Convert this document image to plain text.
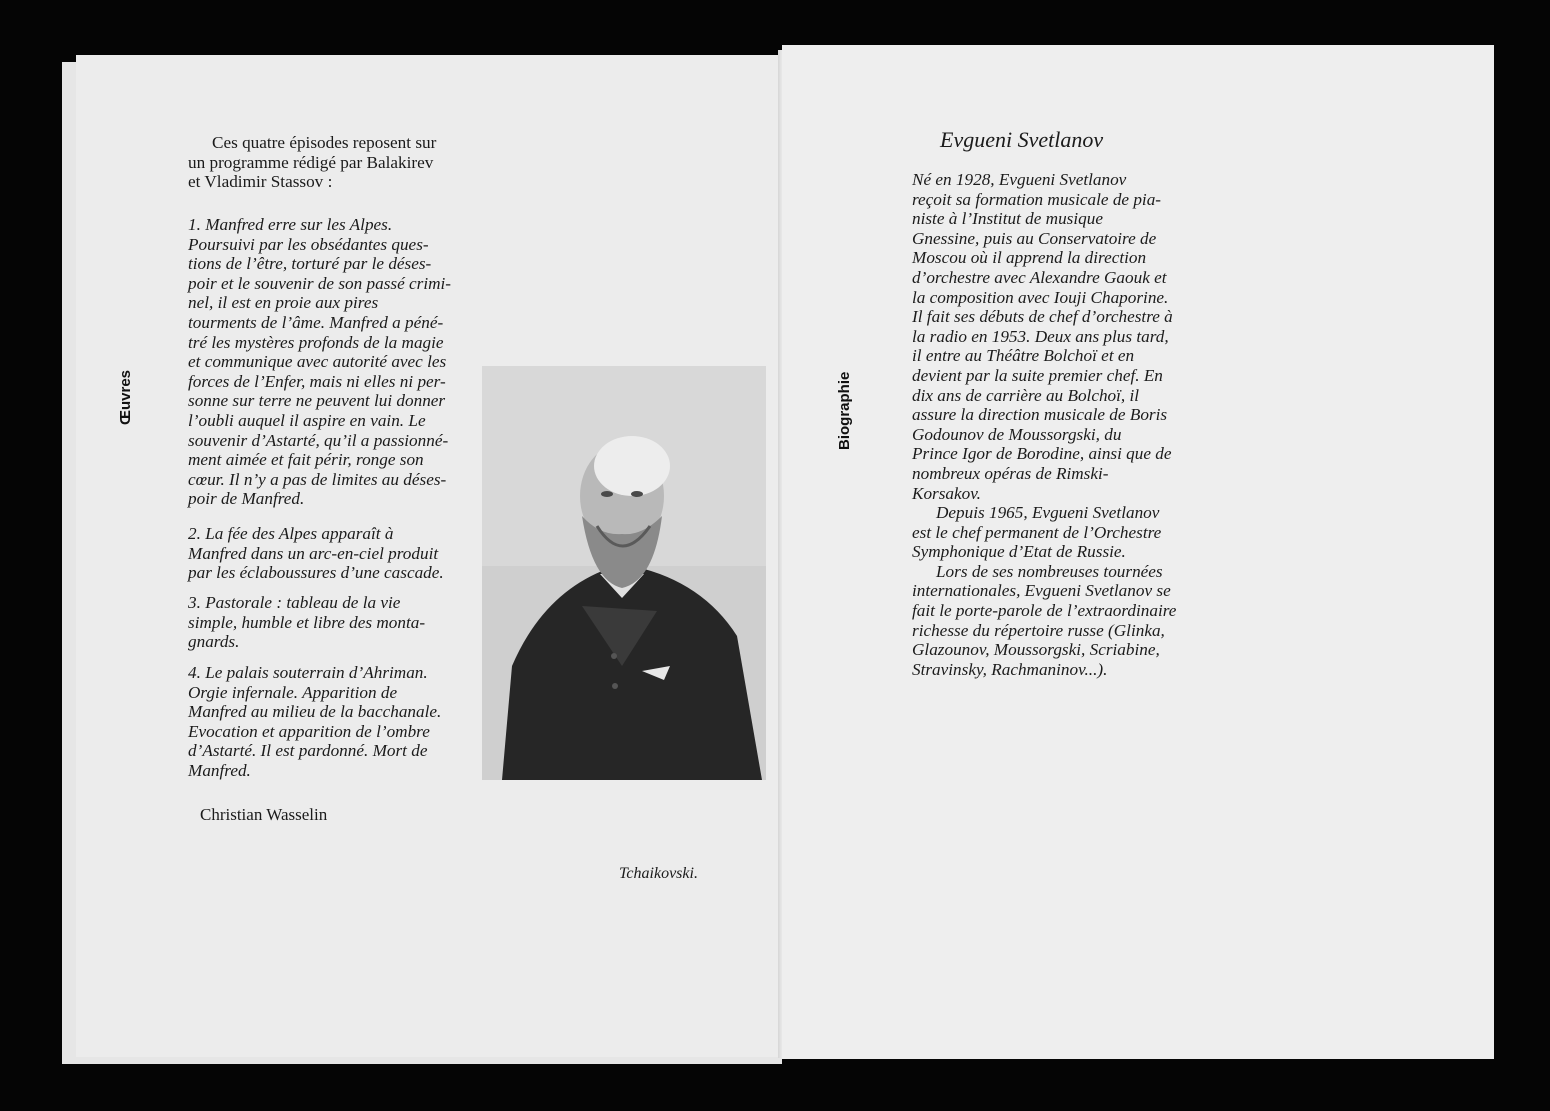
Œuvres

Ces quatre épisodes reposent sur

un programme rédigé par Balakirev

et Vladimir Stassov :

1. Manfred erre sur les Alpes.

Poursuivi par les obsédantes ques-

tions de l’être, torturé par le déses-

poir et le souvenir de son passé crimi-

nel, il est en proie aux pires

tourments de l’âme. Manfred a péné-

tré les mystères profonds de la magie

et communique avec autorité avec les

forces de l’Enfer, mais ni elles ni per-

sonne sur terre ne peuvent lui donner

l’oubli auquel il aspire en vain. Le

souvenir d’Astarté, qu’il a passionné-

ment aimée et fait périr, ronge son

cœur. Il n’y a pas de limites au déses-

poir de Manfred.

2. La fée des Alpes apparaît à

Manfred dans un arc-en-ciel produit

par les éclaboussures d’une cascade.

3. Pastorale : tableau de la vie

simple, humble et libre des monta-

gnards.

4. Le palais souterrain d’Ahriman.

Orgie infernale. Apparition de

Manfred au milieu de la bacchanale.

Evocation et apparition de l’ombre

d’Astarté. Il est pardonné. Mort de

Manfred.

Christian Wasselin
Tchaikovski.
Biographie
Evgueni Svetlanov

Né en 1928, Evgueni Svetlanov

reçoit sa formation musicale de pia-

niste à l’Institut de musique

Gnessine, puis au Conservatoire de

Moscou où il apprend la direction

d’orchestre avec Alexandre Gaouk et

la composition avec Iouji Chaporine.

Il fait ses débuts de chef d’orchestre à

la radio en 1953. Deux ans plus tard,

il entre au Théâtre Bolchoï et en

devient par la suite premier chef. En

dix ans de carrière au Bolchoï, il

assure la direction musicale de Boris

Godounov de Moussorgski, du

Prince Igor de Borodine, ainsi que de

nombreux opéras de Rimski-

Korsakov.

Depuis 1965, Evgueni Svetlanov

est le chef permanent de l’Orchestre

Symphonique d’Etat de Russie.

Lors de ses nombreuses tournées

internationales, Evgueni Svetlanov se

fait le porte-parole de l’extraordinaire

richesse du répertoire russe (Glinka,

Glazounov, Moussorgski, Scriabine,

Stravinsky, Rachmaninov...).
